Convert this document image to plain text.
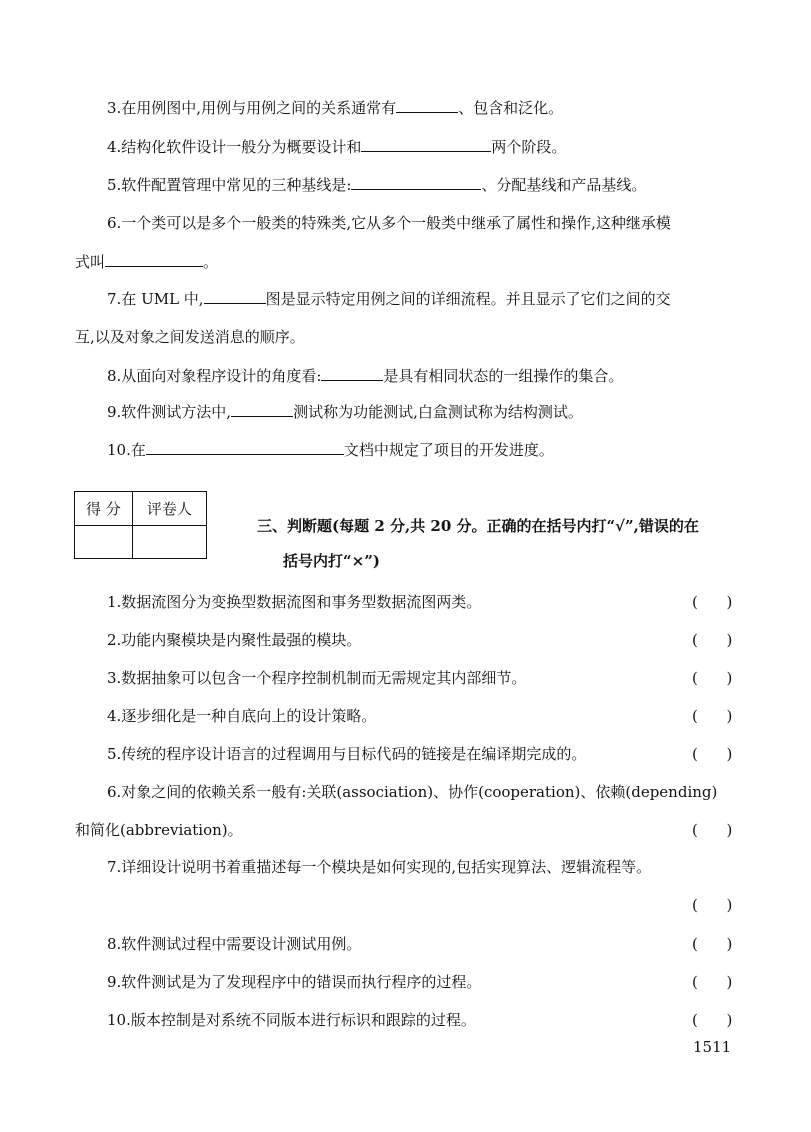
3.在用例图中,用例与用例之间的关系通常有	、包含和泛化。
4.结构化软件设计一般分为概要设计和	两个阶段。
5.软件配置管理中常见的三种基线是:	、分配基线和产品基线。
6.一个类可以是多个一般类的特殊类,它从多个一般类中继承了属性和操作,这种继承模
式叫	。
7.在 UML 中,	图是显示特定用例之间的详细流程。并且显示了它们之间的交
互,以及对象之间发送消息的顺序。
8.从面向对象程序设计的角度看:	是具有相同状态的一组操作的集合。
9.软件测试方法中,	测试称为功能测试,白盒测试称为结构测试。
10.在	文档中规定了项目的开发进度。
得 分	评卷人

三、判断题(每题 2 分,共 20 分。正确的在括号内打“√”,错误的在
括号内打“×”)
1.数据流图分为变换型数据流图和事务型数据流图两类。	(      )
2.功能内聚模块是内聚性最强的模块。	(      )
3.数据抽象可以包含一个程序控制机制而无需规定其内部细节。	(      )
4.逐步细化是一种自底向上的设计策略。	(      )
5.传统的程序设计语言的过程调用与目标代码的链接是在编译期完成的。	(      )
6.对象之间的依赖关系一般有:关联(association)、协作(cooperation)、依赖(depending)
和简化(abbreviation)。	(      )
7.详细设计说明书着重描述每一个模块是如何实现的,包括实现算法、逻辑流程等。
(      )
8.软件测试过程中需要设计测试用例。	(      )
9.软件测试是为了发现程序中的错误而执行程序的过程。	(      )
10.版本控制是对系统不同版本进行标识和跟踪的过程。	(      )
1511
